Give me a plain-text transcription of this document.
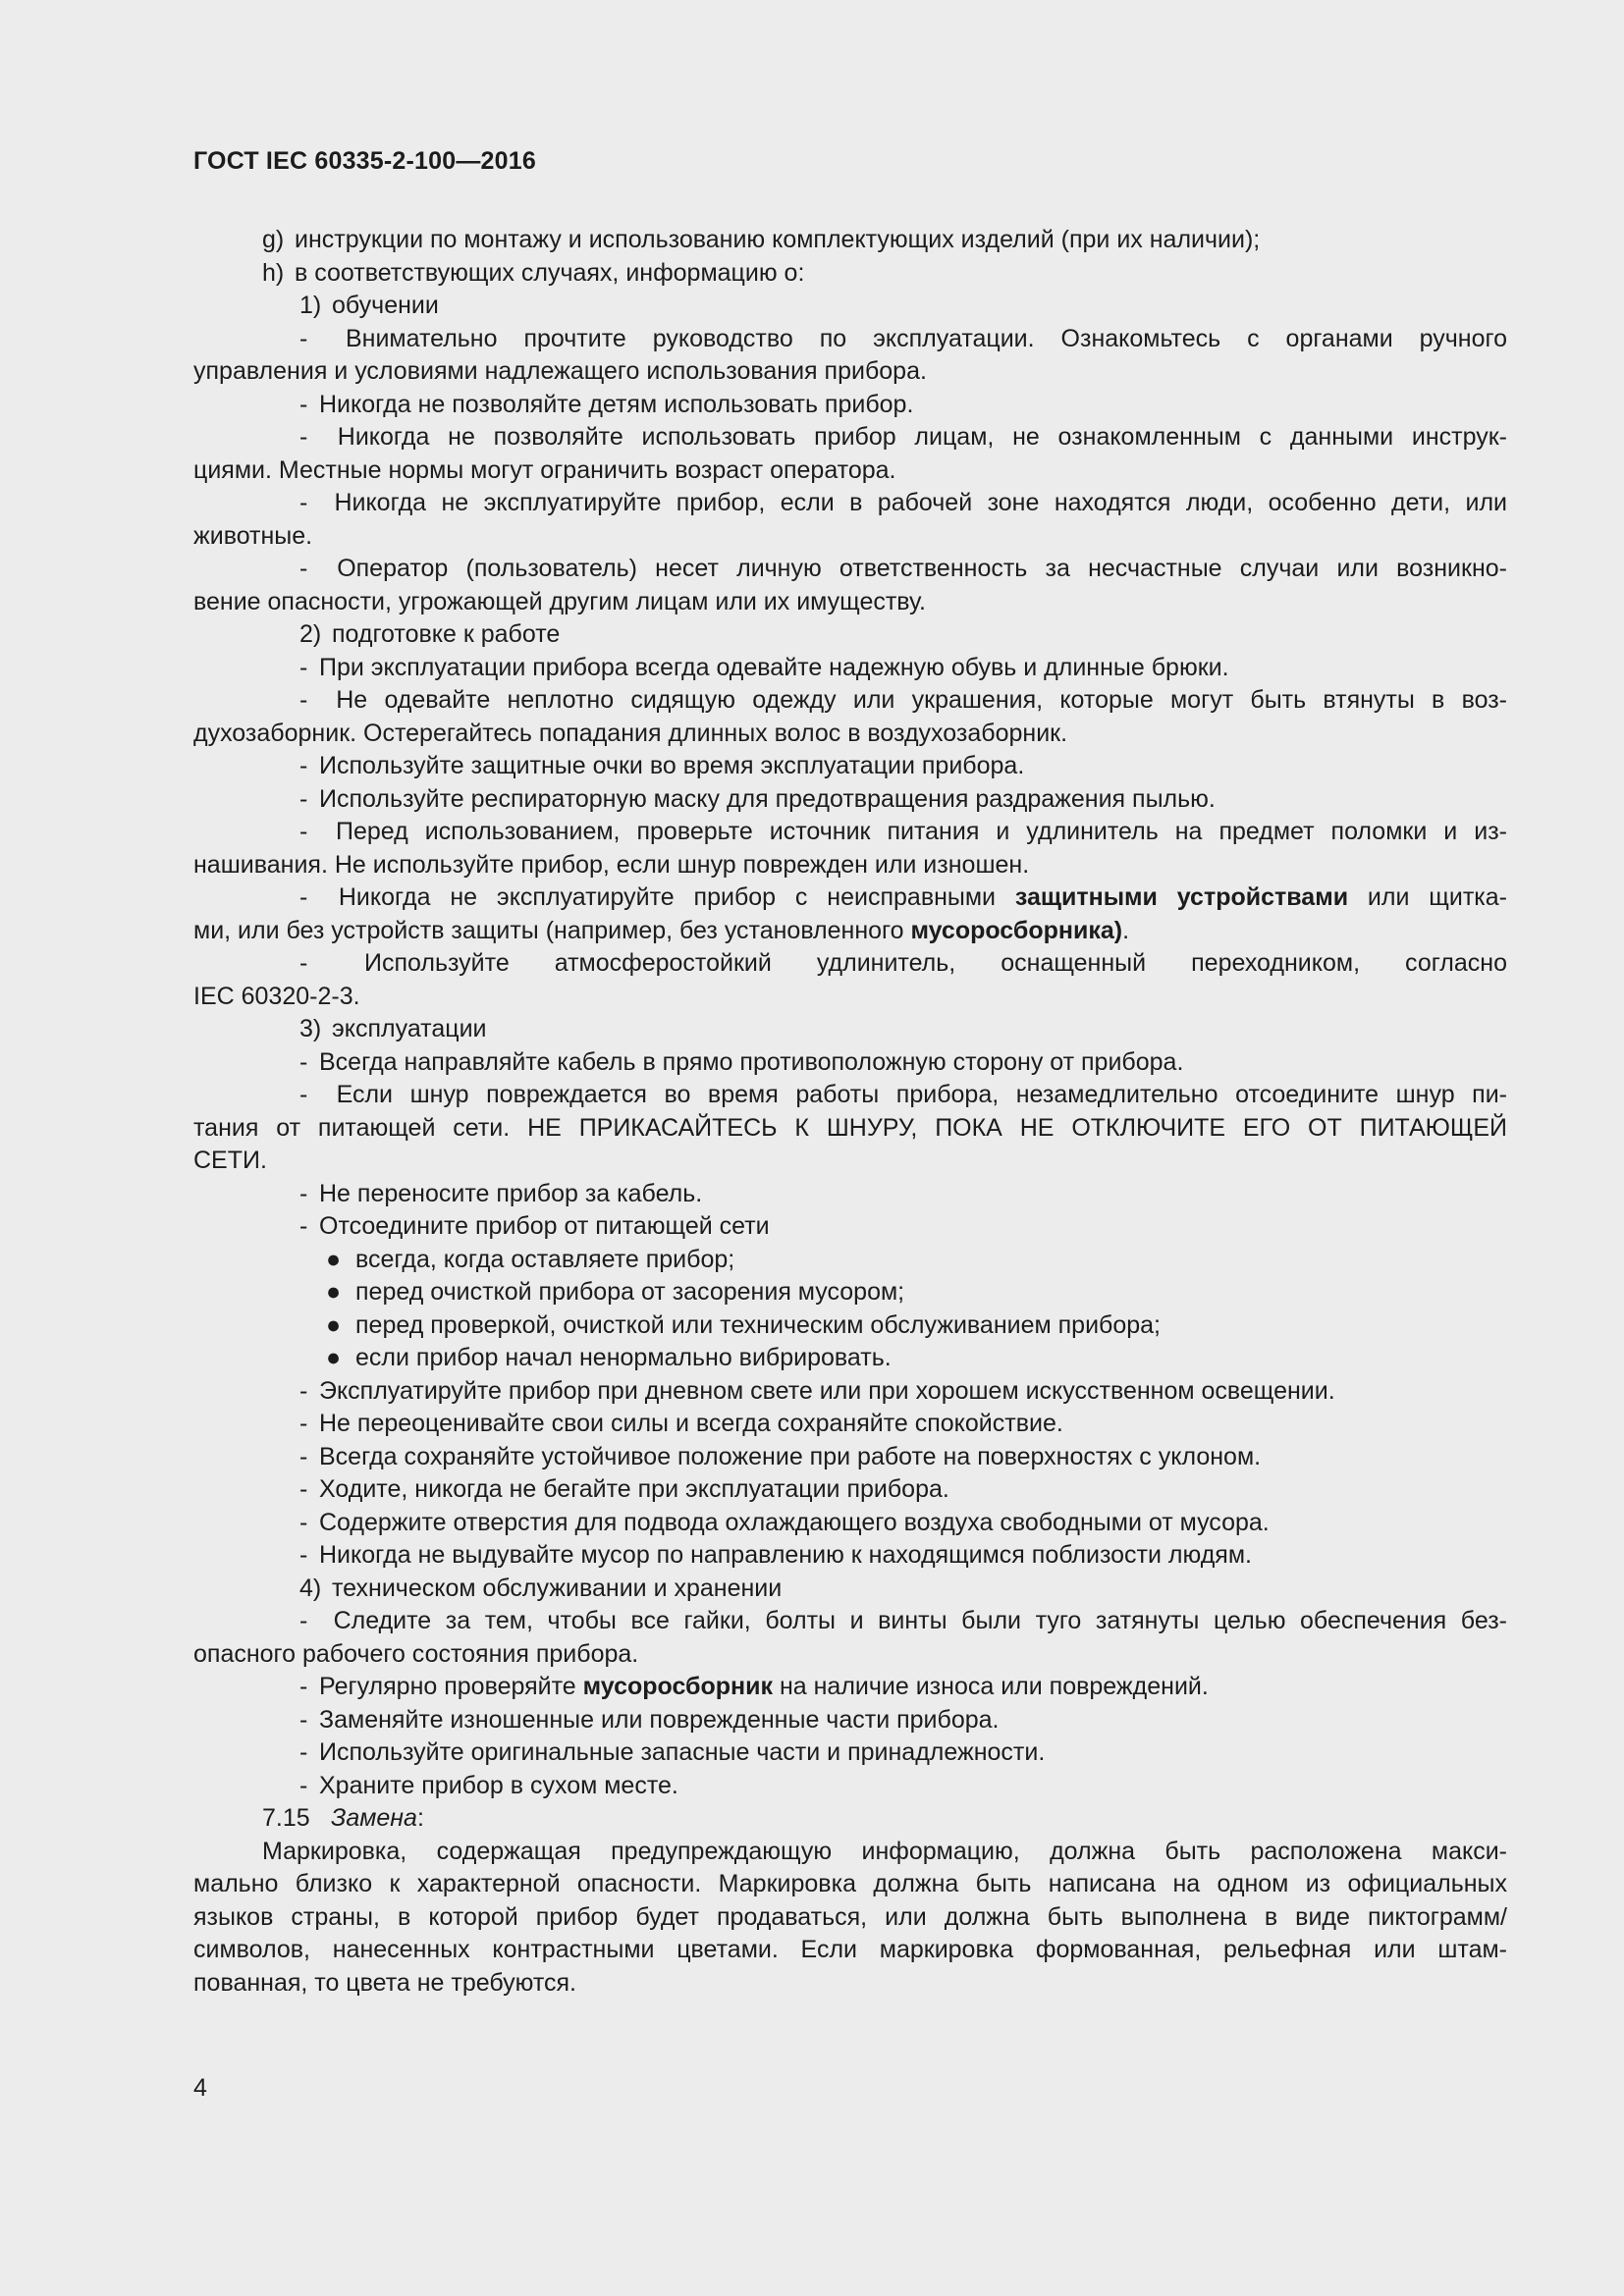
ГОСТ IEC 60335-2-100—2016
g) инструкции по монтажу и использованию комплектующих изделий (при их наличии);
h) в соответствующих случаях, информацию о:
1) обучении
- Внимательно прочтите руководство по эксплуатации. Ознакомьтесь с органами ручного
управления и условиями надлежащего использования прибора.
- Никогда не позволяйте детям использовать прибор.
- Никогда не позволяйте использовать прибор лицам, не ознакомленным с данными инструк-
циями. Местные нормы могут ограничить возраст оператора.
- Никогда не эксплуатируйте прибор, если в рабочей зоне находятся люди, особенно дети, или
животные.
- Оператор (пользователь) несет личную ответственность за несчастные случаи или возникно-
вение опасности, угрожающей другим лицам или их имуществу.
2) подготовке к работе
- При эксплуатации прибора всегда одевайте надежную обувь и длинные брюки.
- Не одевайте неплотно сидящую одежду или украшения, которые могут быть втянуты в воз-
духозаборник. Остерегайтесь попадания длинных волос в воздухозаборник.
- Используйте защитные очки во время эксплуатации прибора.
- Используйте респираторную маску для предотвращения раздражения пылью.
- Перед использованием, проверьте источник питания и удлинитель на предмет поломки и из-
нашивания. Не используйте прибор, если шнур поврежден или изношен.
- Никогда не эксплуатируйте прибор с неисправными защитными устройствами или щитка-
ми, или без устройств защиты (например, без установленного мусоросборника).
- Используйте атмосферостойкий удлинитель, оснащенный переходником, согласно
IEC 60320-2-3.
3) эксплуатации
- Всегда направляйте кабель в прямо противоположную сторону от прибора.
- Если шнур повреждается во время работы прибора, незамедлительно отсоедините шнур пи-
тания от питающей сети. НЕ ПРИКАСАЙТЕСЬ К ШНУРУ, ПОКА НЕ ОТКЛЮЧИТЕ ЕГО ОТ ПИТАЮЩЕЙ
СЕТИ.
- Не переносите прибор за кабель.
- Отсоедините прибор от питающей сети
● всегда, когда оставляете прибор;
● перед очисткой прибора от засорения мусором;
● перед проверкой, очисткой или техническим обслуживанием прибора;
● если прибор начал ненормально вибрировать.
- Эксплуатируйте прибор при дневном свете или при хорошем искусственном освещении.
- Не переоценивайте свои силы и всегда сохраняйте спокойствие.
- Всегда сохраняйте устойчивое положение при работе на поверхностях с уклоном.
- Ходите, никогда не бегайте при эксплуатации прибора.
- Содержите отверстия для подвода охлаждающего воздуха свободными от мусора.
- Никогда не выдувайте мусор по направлению к находящимся поблизости людям.
4) техническом обслуживании и хранении
- Следите за тем, чтобы все гайки, болты и винты были туго затянуты целью обеспечения без-
опасного рабочего состояния прибора.
- Регулярно проверяйте мусоросборник на наличие износа или повреждений.
- Заменяйте изношенные или поврежденные части прибора.
- Используйте оригинальные запасные части и принадлежности.
- Храните прибор в сухом месте.
7.15 Замена:
Маркировка, содержащая предупреждающую информацию, должна быть расположена макси-
мально близко к характерной опасности. Маркировка должна быть написана на одном из официальных
языков страны, в которой прибор будет продаваться, или должна быть выполнена в виде пиктограмм/
символов, нанесенных контрастными цветами. Если маркировка формованная, рельефная или штам-
пованная, то цвета не требуются.
4
